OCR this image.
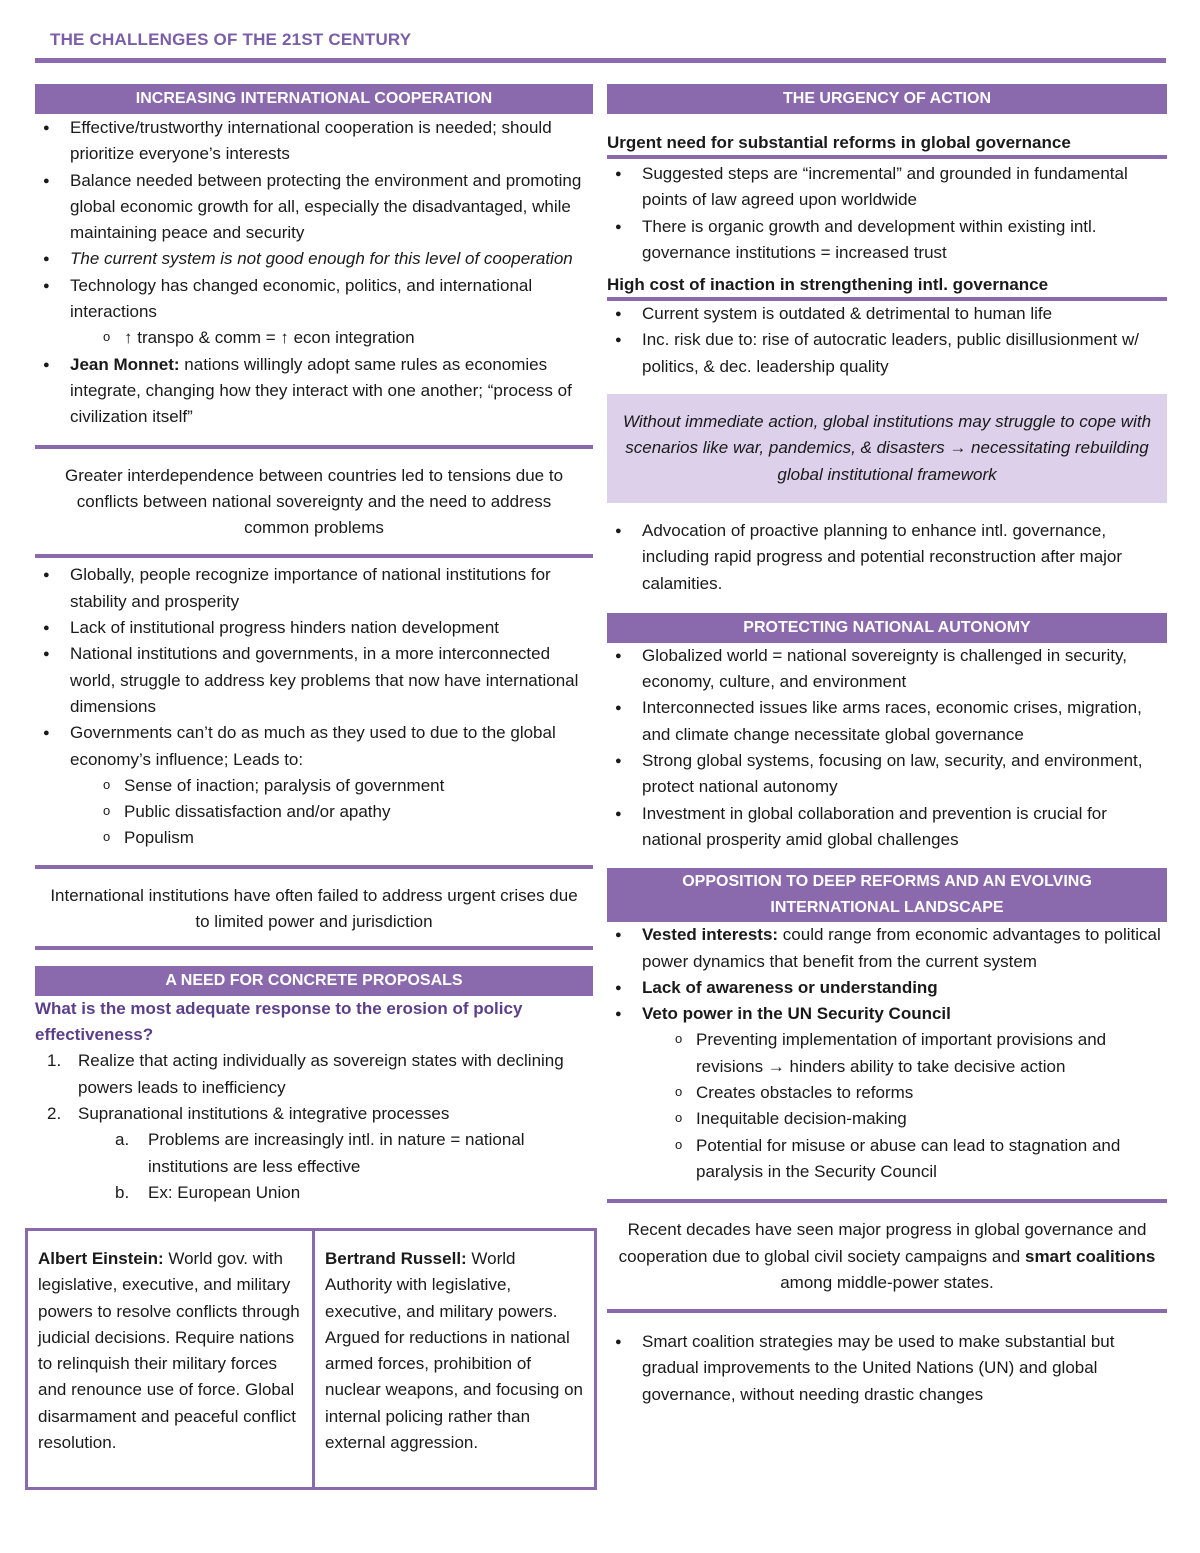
THE CHALLENGES OF THE 21ST CENTURY
INCREASING INTERNATIONAL COOPERATION
● Effective/trustworthy international cooperation is needed; should prioritize everyone’s interests
● Balance needed between protecting the environment and promoting global economic growth for all, especially the disadvantaged, while maintaining peace and security
● The current system is not good enough for this level of cooperation
● Technology has changed economic, politics, and international interactions
o ↑ transpo & comm = ↑ econ integration
● Jean Monnet: nations willingly adopt same rules as economies integrate, changing how they interact with one another; “process of civilization itself”
Greater interdependence between countries led to tensions due to conflicts between national sovereignty and the need to address common problems
● Globally, people recognize importance of national institutions for stability and prosperity
● Lack of institutional progress hinders nation development
● National institutions and governments, in a more interconnected world, struggle to address key problems that now have international dimensions
● Governments can’t do as much as they used to due to the global economy’s influence; Leads to:
o Sense of inaction; paralysis of government
o Public dissatisfaction and/or apathy
o Populism
International institutions have often failed to address urgent crises due to limited power and jurisdiction
A NEED FOR CONCRETE PROPOSALS
What is the most adequate response to the erosion of policy effectiveness?
1. Realize that acting individually as sovereign states with declining powers leads to inefficiency
2. Supranational institutions & integrative processes
a. Problems are increasingly intl. in nature = national institutions are less effective
b. Ex: European Union
Albert Einstein: World gov. with legislative, executive, and military powers to resolve conflicts through judicial decisions. Require nations to relinquish their military forces and renounce use of force. Global disarmament and peaceful conflict resolution.
Bertrand Russell: World Authority with legislative, executive, and military powers. Argued for reductions in national armed forces, prohibition of nuclear weapons, and focusing on internal policing rather than external aggression.
THE URGENCY OF ACTION
Urgent need for substantial reforms in global governance
● Suggested steps are “incremental” and grounded in fundamental points of law agreed upon worldwide
● There is organic growth and development within existing intl. governance institutions = increased trust
High cost of inaction in strengthening intl. governance
● Current system is outdated & detrimental to human life
● Inc. risk due to: rise of autocratic leaders, public disillusionment w/ politics, & dec. leadership quality
Without immediate action, global institutions may struggle to cope with scenarios like war, pandemics, & disasters → necessitating rebuilding global institutional framework
● Advocation of proactive planning to enhance intl. governance, including rapid progress and potential reconstruction after major calamities.
PROTECTING NATIONAL AUTONOMY
● Globalized world = national sovereignty is challenged in security, economy, culture, and environment
● Interconnected issues like arms races, economic crises, migration, and climate change necessitate global governance
● Strong global systems, focusing on law, security, and environment, protect national autonomy
● Investment in global collaboration and prevention is crucial for national prosperity amid global challenges
OPPOSITION TO DEEP REFORMS AND AN EVOLVING INTERNATIONAL LANDSCAPE
● Vested interests: could range from economic advantages to political power dynamics that benefit from the current system
● Lack of awareness or understanding
● Veto power in the UN Security Council
o Preventing implementation of important provisions and revisions → hinders ability to take decisive action
o Creates obstacles to reforms
o Inequitable decision-making
o Potential for misuse or abuse can lead to stagnation and paralysis in the Security Council
Recent decades have seen major progress in global governance and cooperation due to global civil society campaigns and smart coalitions among middle-power states.
● Smart coalition strategies may be used to make substantial but gradual improvements to the United Nations (UN) and global governance, without needing drastic changes
